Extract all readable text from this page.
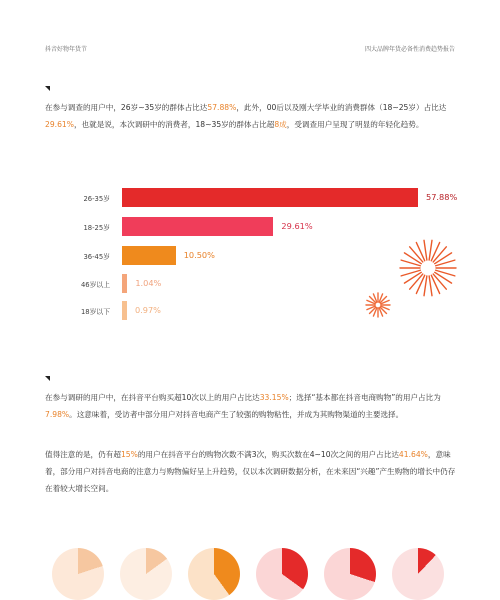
抖音好物年货节	四大品牌年货必备性消费趋势报告
在参与调查的用户中，26岁~35岁的群体占比达57.88%，此外，00后以及刚大学毕业的消费群体（18~25岁）占比达29.61%，也就是说，本次调研中的消费者，18~35岁的群体占比超8成，受调查用户呈现了明显的年轻化趋势。
26-35岁	57.88%
18-25岁	29.61%
36-45岁	10.50%
46岁以上	1.04%
18岁以下	0.97%
在参与调研的用户中，在抖音平台购买超10次以上的用户占比达33.15%；选择“基本都在抖音电商购物”的用户占比为7.98%。这意味着，受访者中部分用户对抖音电商产生了较强的购物粘性，并成为其购物渠道的主要选择。
值得注意的是，仍有超15%的用户在抖音平台的购物次数不满3次，购买次数在4~10次之间的用户占比达41.64%，意味着，部分用户对抖音电商的注意力与购物偏好呈上升趋势，仅以本次调研数据分析，在未来因“兴趣”产生购物的增长中仍存在着较大增长空间。
